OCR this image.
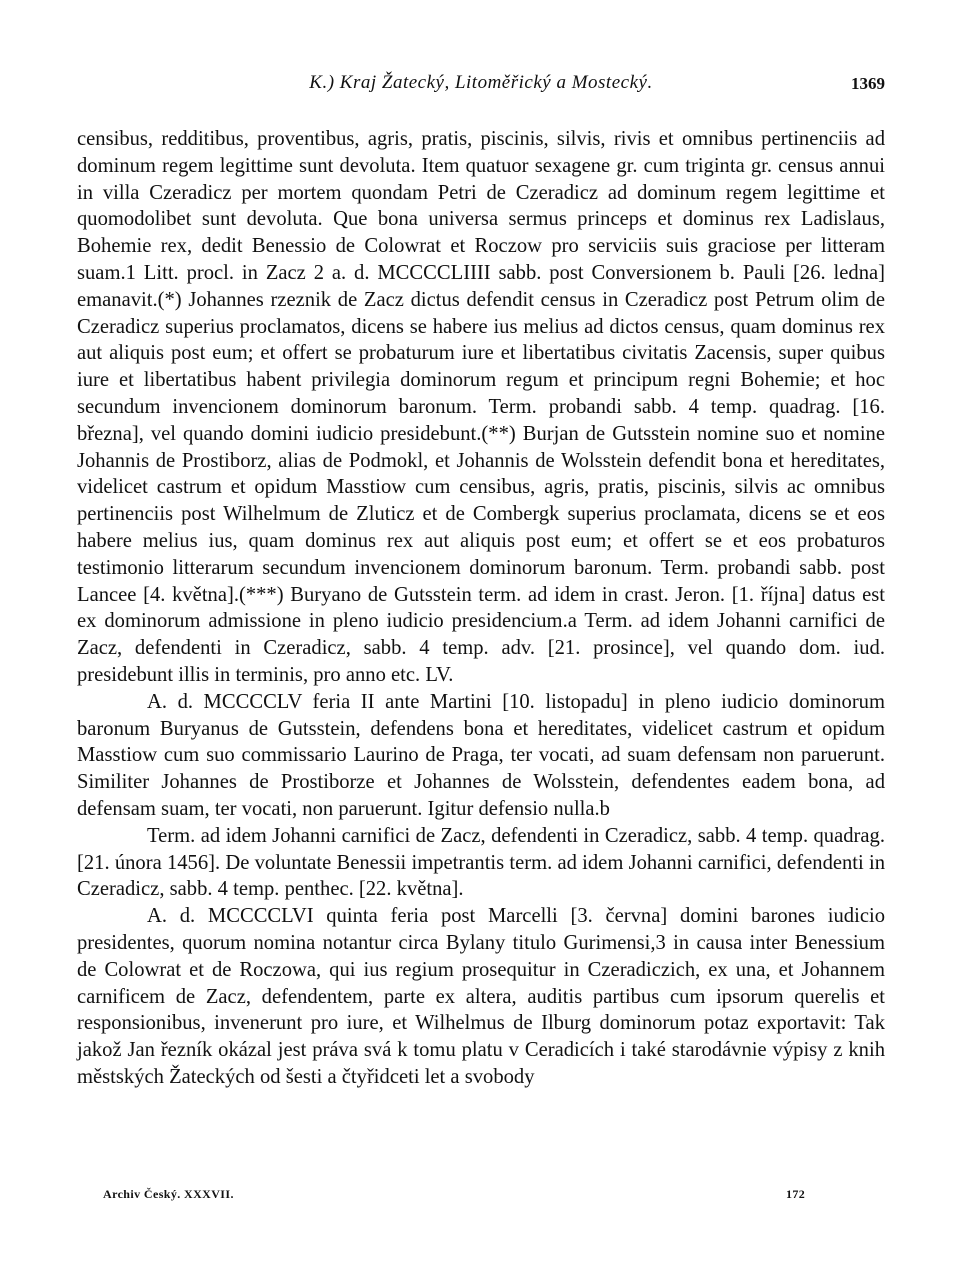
K.) Kraj Žatecký, Litoměřický a Mostecký.	1369

censibus, redditibus, proventibus, agris, pratis, piscinis, silvis, rivis et omnibus pertinenciis ad dominum regem legittime sunt devoluta. Item quatuor sexagene gr. cum triginta gr. census annui in villa Czeradicz per mortem quondam Petri de Czeradicz ad dominum regem legittime et quomodolibet sunt devoluta. Que bona universa sermus princeps et dominus rex Ladislaus, Bohemie rex, dedit Benessio de Colowrat et Roczow pro serviciis suis graciose per litteram suam.1 Litt. procl. in Zacz 2 a. d. MCCCCLIIII sabb. post Conversionem b. Pauli [26. ledna] emanavit.(*) Johannes rzeznik de Zacz dictus defendit census in Czeradicz post Petrum olim de Czeradicz superius proclamatos, dicens se habere ius melius ad dictos census, quam dominus rex aut aliquis post eum; et offert se probaturum iure et libertatibus civitatis Zacensis, super quibus iure et libertatibus habent privilegia dominorum regum et principum regni Bohemie; et hoc secundum invencionem dominorum baronum. Term. probandi sabb. 4 temp. quadrag. [16. března], vel quando domini iudicio presidebunt.(**) Burjan de Gutsstein nomine suo et nomine Johannis de Prostiborz, alias de Podmokl, et Johannis de Wolsstein defendit bona et hereditates, videlicet castrum et opidum Masstiow cum censibus, agris, pratis, piscinis, silvis ac omnibus pertinenciis post Wilhelmum de Zluticz et de Combergk superius proclamata, dicens se et eos habere melius ius, quam dominus rex aut aliquis post eum; et offert se et eos probaturos testimonio litterarum secundum invencionem dominorum baronum. Term. probandi sabb. post Lancee [4. května].(***) Buryano de Gutsstein term. ad idem in crast. Jeron. [1. října] datus est ex dominorum admissione in pleno iudicio presidencium.a Term. ad idem Johanni carnifici de Zacz, defendenti in Czeradicz, sabb. 4 temp. adv. [21. prosince], vel quando dom. iud. presidebunt illis in terminis, pro anno etc. LV.

A. d. MCCCCLV feria II ante Martini [10. listopadu] in pleno iudicio dominorum baronum Buryanus de Gutsstein, defendens bona et hereditates, videlicet castrum et opidum Masstiow cum suo commissario Laurino de Praga, ter vocati, ad suam defensam non paruerunt. Similiter Johannes de Prostiborze et Johannes de Wolsstein, defendentes eadem bona, ad defensam suam, ter vocati, non paruerunt. Igitur defensio nulla.b

Term. ad idem Johanni carnifici de Zacz, defendenti in Czeradicz, sabb. 4 temp. quadrag. [21. února 1456]. De voluntate Benessii impetrantis term. ad idem Johanni carnifici, defendenti in Czeradicz, sabb. 4 temp. penthec. [22. května].

A. d. MCCCCLVI quinta feria post Marcelli [3. června] domini barones iudicio presidentes, quorum nomina notantur circa Bylany titulo Gurimensi,3 in causa inter Benessium de Colowrat et de Roczowa, qui ius regium prosequitur in Czeradiczich, ex una, et Johannem carnificem de Zacz, defendentem, parte ex altera, auditis partibus cum ipsorum querelis et responsionibus, invenerunt pro iure, et Wilhelmus de Ilburg dominorum potaz exportavit: Tak jakož Jan řezník okázal jest práva svá k tomu platu v Ceradicích i také starodávnie výpisy z knih městských Žateckých od šesti a čtyřidceti let a svobody

Archiv Český. XXXVII.	172
